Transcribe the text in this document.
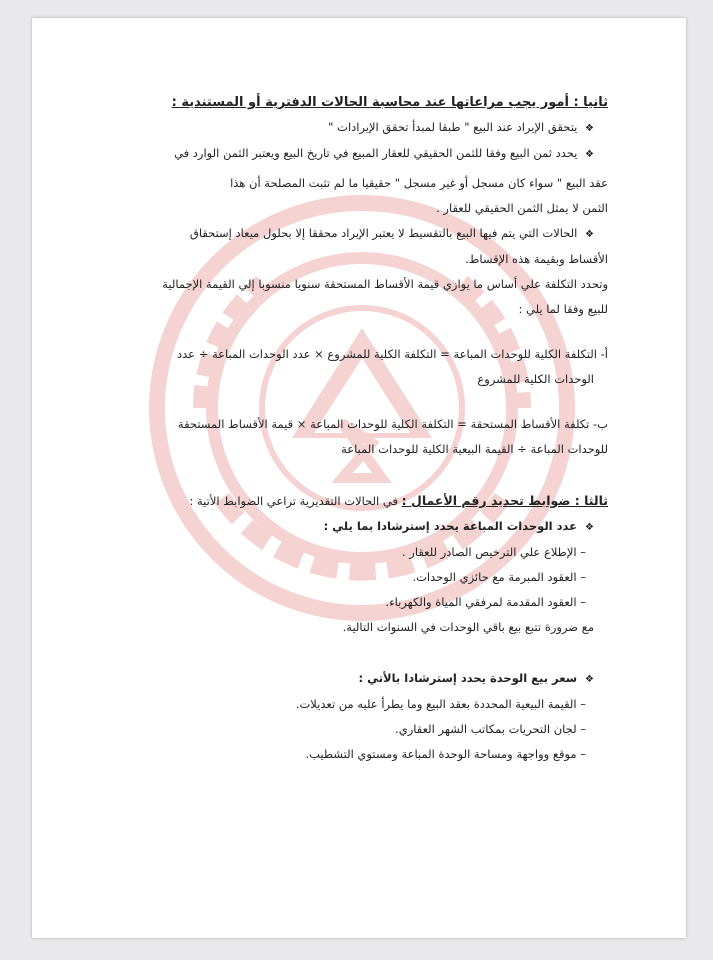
ثانيا : أمور يجب مراعاتها عند محاسبة الحالات الدفترية أو المستندية :
❖ يتحقق الإيراد عند البيع " طبقا لمبدأ تحقق الإيرادات "
❖ يحدد ثمن البيع وفقا للثمن الحقيقي للعقار المبيع في تاريخ البيع ويعتبر الثمن الوارد في
عقد البيع " سواء كان مسجل أو غير مسجل " حقيقيا ما لم تثبت المصلحة أن هذا
الثمن لا يمثل الثمن الحقيقي للعقار .
❖ الحالات التي يتم فيها البيع بالتقسيط لا يعتبر الإيراد محققا إلا بحلول ميعاد إستحقاق
الأقساط وبقيمة هذه الإقساط.
وتحدد التكلفة علي أساس ما يوازي قيمة الأقساط المستحقة سنويا منسوبا إلي القيمة الإجمالية
للبيع وفقا لما يلي :
أ- التكلفة الكلية للوحدات المباعة = التكلفة الكلية للمشروع × عدد الوحدات المباعة ÷ عدد
الوحدات الكلية للمشروع
ب- تكلفة الأقساط المستحقة = التكلفة الكلية للوحدات المباعة × قيمة الأقساط المستحقة
للوحدات المباعة ÷ القيمة البيعية الكلية للوحدات المباعة
ثالثا : ضوابط تحديد رقم الأعمال : في الحالات التقديرية تراعي الضوابط الأتية :
❖ عدد الوحدات المباعة يحدد إسترشادا بما يلي :
– الإطلاع علي الترخيص الصادر للعقار .
– العقود المبرمة مع حائزي الوحدات.
– العقود المقدمة لمرفقي المياة والكهرباء.
مع ضرورة تتبع بيع باقي الوحدات في السنوات التالية.
❖ سعر بيع الوحدة يحدد إسترشادا بالأتي :
– القيمة البيعية المحددة بعقد البيع وما يطرأ عليه من تعديلات.
– لجان التحريات بمكاتب الشهر العقاري.
– موقع وواجهة ومساحة الوحدة المباعة ومستوي التشطيب.
